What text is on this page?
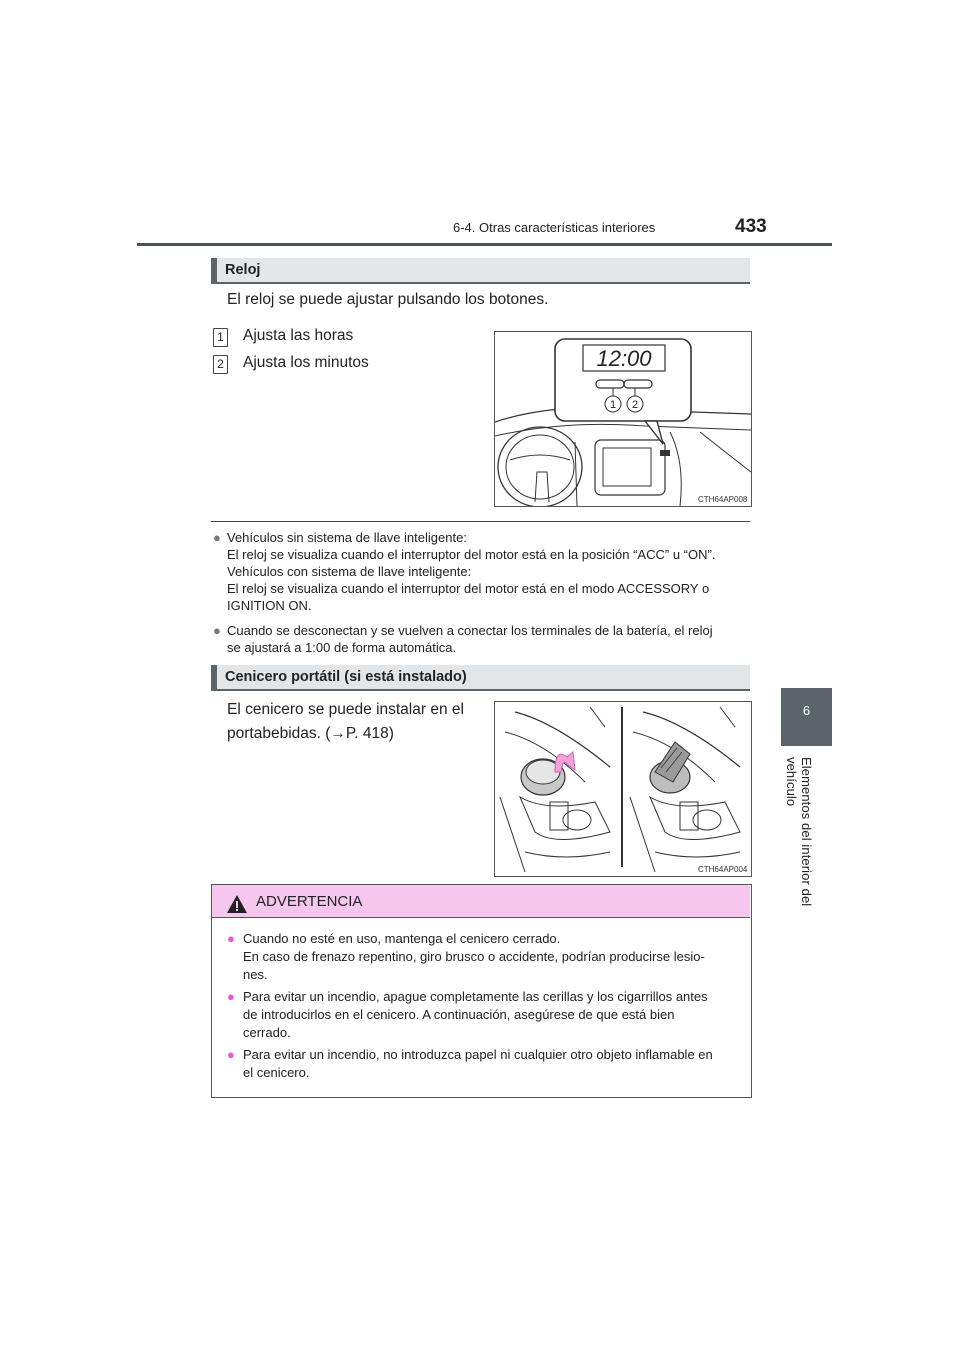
6-4. Otras características interiores	433
6
Elementos del interior del vehículo
Reloj
El reloj se puede ajustar pulsando los botones.
1 Ajusta las horas
2 Ajusta los minutos	12:00
1 2
CTH64AP008
● Vehículos sin sistema de llave inteligente:
El reloj se visualiza cuando el interruptor del motor está en la posición “ACC” u “ON”.
Vehículos con sistema de llave inteligente:
El reloj se visualiza cuando el interruptor del motor está en el modo ACCESSORY o
IGNITION ON.
● Cuando se desconectan y se vuelven a conectar los terminales de la batería, el reloj
se ajustará a 1:00 de forma automática.
Cenicero portátil (si está instalado)
El cenicero se puede instalar en el
portabebidas. (→P. 418)
CTH64AP004
ADVERTENCIA
● Cuando no esté en uso, mantenga el cenicero cerrado.
En caso de frenazo repentino, giro brusco o accidente, podrían producirse lesio-
nes.
● Para evitar un incendio, apague completamente las cerillas y los cigarrillos antes
de introducirlos en el cenicero. A continuación, asegúrese de que está bien
cerrado.
● Para evitar un incendio, no introduzca papel ni cualquier otro objeto inflamable en
el cenicero.
